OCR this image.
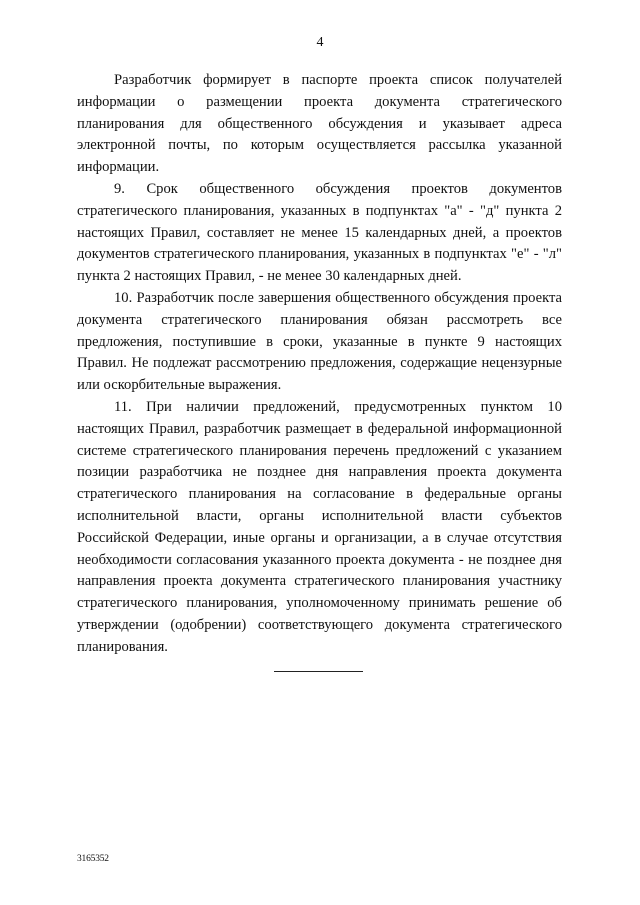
4

Разработчик формирует в паспорте проекта список получателей информации о размещении проекта документа стратегического планирования для общественного обсуждения и указывает адреса электронной почты, по которым осуществляется рассылка указанной информации.

9. Срок общественного обсуждения проектов документов стратегического планирования, указанных в подпунктах "а" - "д" пункта 2 настоящих Правил, составляет не менее 15 календарных дней, а проектов документов стратегического планирования, указанных в подпунктах "е" - "л" пункта 2 настоящих Правил, - не менее 30 календарных дней.

10. Разработчик после завершения общественного обсуждения проекта документа стратегического планирования обязан рассмотреть все предложения, поступившие в сроки, указанные в пункте 9 настоящих Правил. Не подлежат рассмотрению предложения, содержащие нецензурные или оскорбительные выражения.

11. При наличии предложений, предусмотренных пунктом 10 настоящих Правил, разработчик размещает в федеральной информационной системе стратегического планирования перечень предложений с указанием позиции разработчика не позднее дня направления проекта документа стратегического планирования на согласование в федеральные органы исполнительной власти, органы исполнительной власти субъектов Российской Федерации, иные органы и организации, а в случае отсутствия необходимости согласования указанного проекта документа - не позднее дня направления проекта документа стратегического планирования участнику стратегического планирования, уполномоченному принимать решение об утверждении (одобрении) соответствующего документа стратегического планирования.

3165352
